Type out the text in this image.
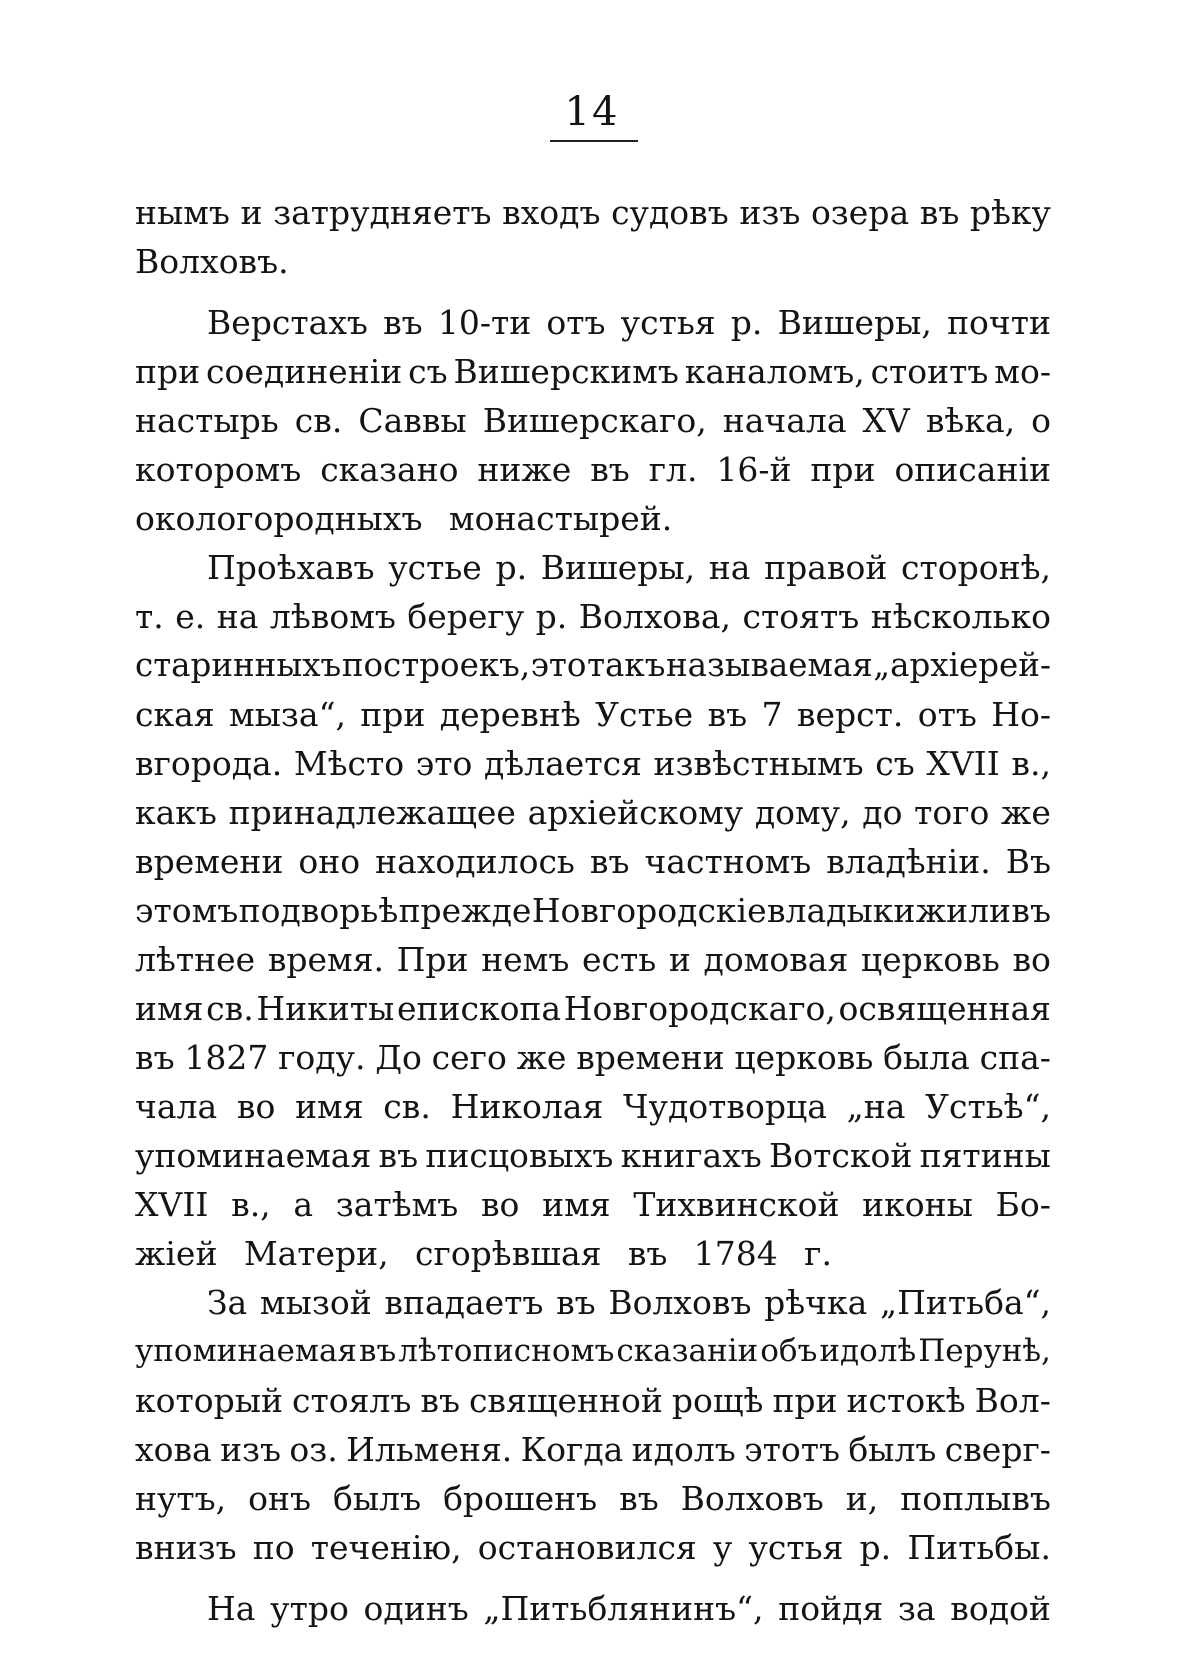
14
нымъ и затрудняетъ входъ судовъ изъ озера въ рѣку
Волховъ.
Верстахъ въ 10-ти отъ устья р. Вишеры, почти
при соединеніи съ Вишерскимъ каналомъ, стоитъ мо-
настырь св. Саввы Вишерскаго, начала XV вѣка, о
которомъ сказано ниже въ гл. 16-й при описаніи
окологородныхъ монастырей.
Проѣхавъ устье р. Вишеры, на правой сторонѣ,
т. е. на лѣвомъ берегу р. Волхова, стоятъ нѣсколько
старинныхъ построекъ, это такъ называемая „архіерей-
ская мыза“, при деревнѣ Устье въ 7 верст. отъ Но-
вгорода. Мѣсто это дѣлается извѣстнымъ съ XVII в.,
какъ принадлежащее архіейскому дому, до того же
времени оно находилось въ частномъ владѣніи. Въ
этомъ подворьѣ прежде Новгородскіе владыки жили въ
лѣтнее время. При немъ есть и домовая церковь во
имя св. Никиты епископа Новгородскаго, освященная
въ 1827 году. До сего же времени церковь была спа-
чала во имя св. Николая Чудотворца „на Устьѣ“,
упоминаемая въ писцовыхъ книгахъ Вотской пятины
XVII в., а затѣмъ во имя Тихвинской иконы Бо-
жіей Матери, сгорѣвшая въ 1784 г.
За мызой впадаетъ въ Волховъ рѣчка „Питьба“,
упоминаемая въ лѣтописномъ сказаніи объ идолѣ Перунѣ,
который стоялъ въ священной рощѣ при истокѣ Вол-
хова изъ оз. Ильменя. Когда идолъ этотъ былъ сверг-
нутъ, онъ былъ брошенъ въ Волховъ и, поплывъ
внизъ по теченію, остановился у устья р. Питьбы.
На утро одинъ „Питьблянинъ“, пойдя за водой
